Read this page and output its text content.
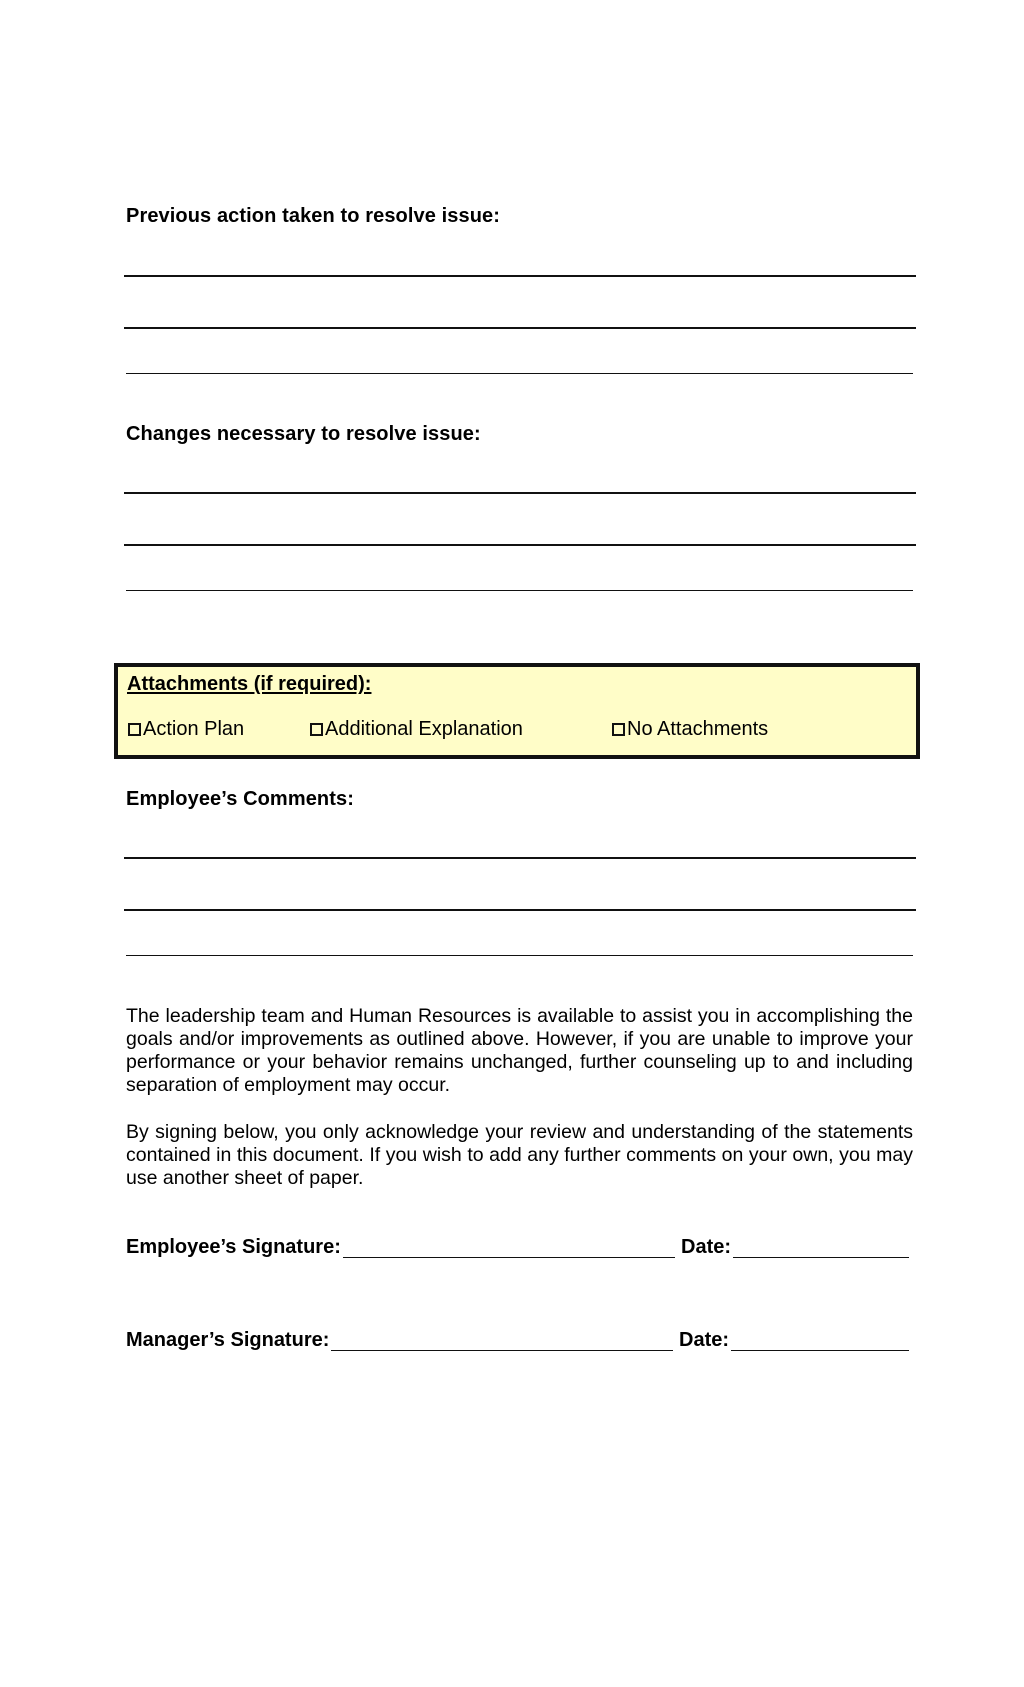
Previous action taken to resolve issue:
Changes necessary to resolve issue:
Attachments (if required):
Action Plan	Additional Explanation	No Attachments
Employee’s Comments:
The leadership team and Human Resources is available to assist you in accomplishing the goals and/or improvements as outlined above. However, if you are unable to improve your performance or your behavior remains unchanged, further counseling up to and including separation of employment may occur.
By signing below, you only acknowledge your review and understanding of the statements contained in this document. If you wish to add any further comments on your own, you may use another sheet of paper.
Employee’s Signature:	Date:
Manager’s Signature:	Date:
